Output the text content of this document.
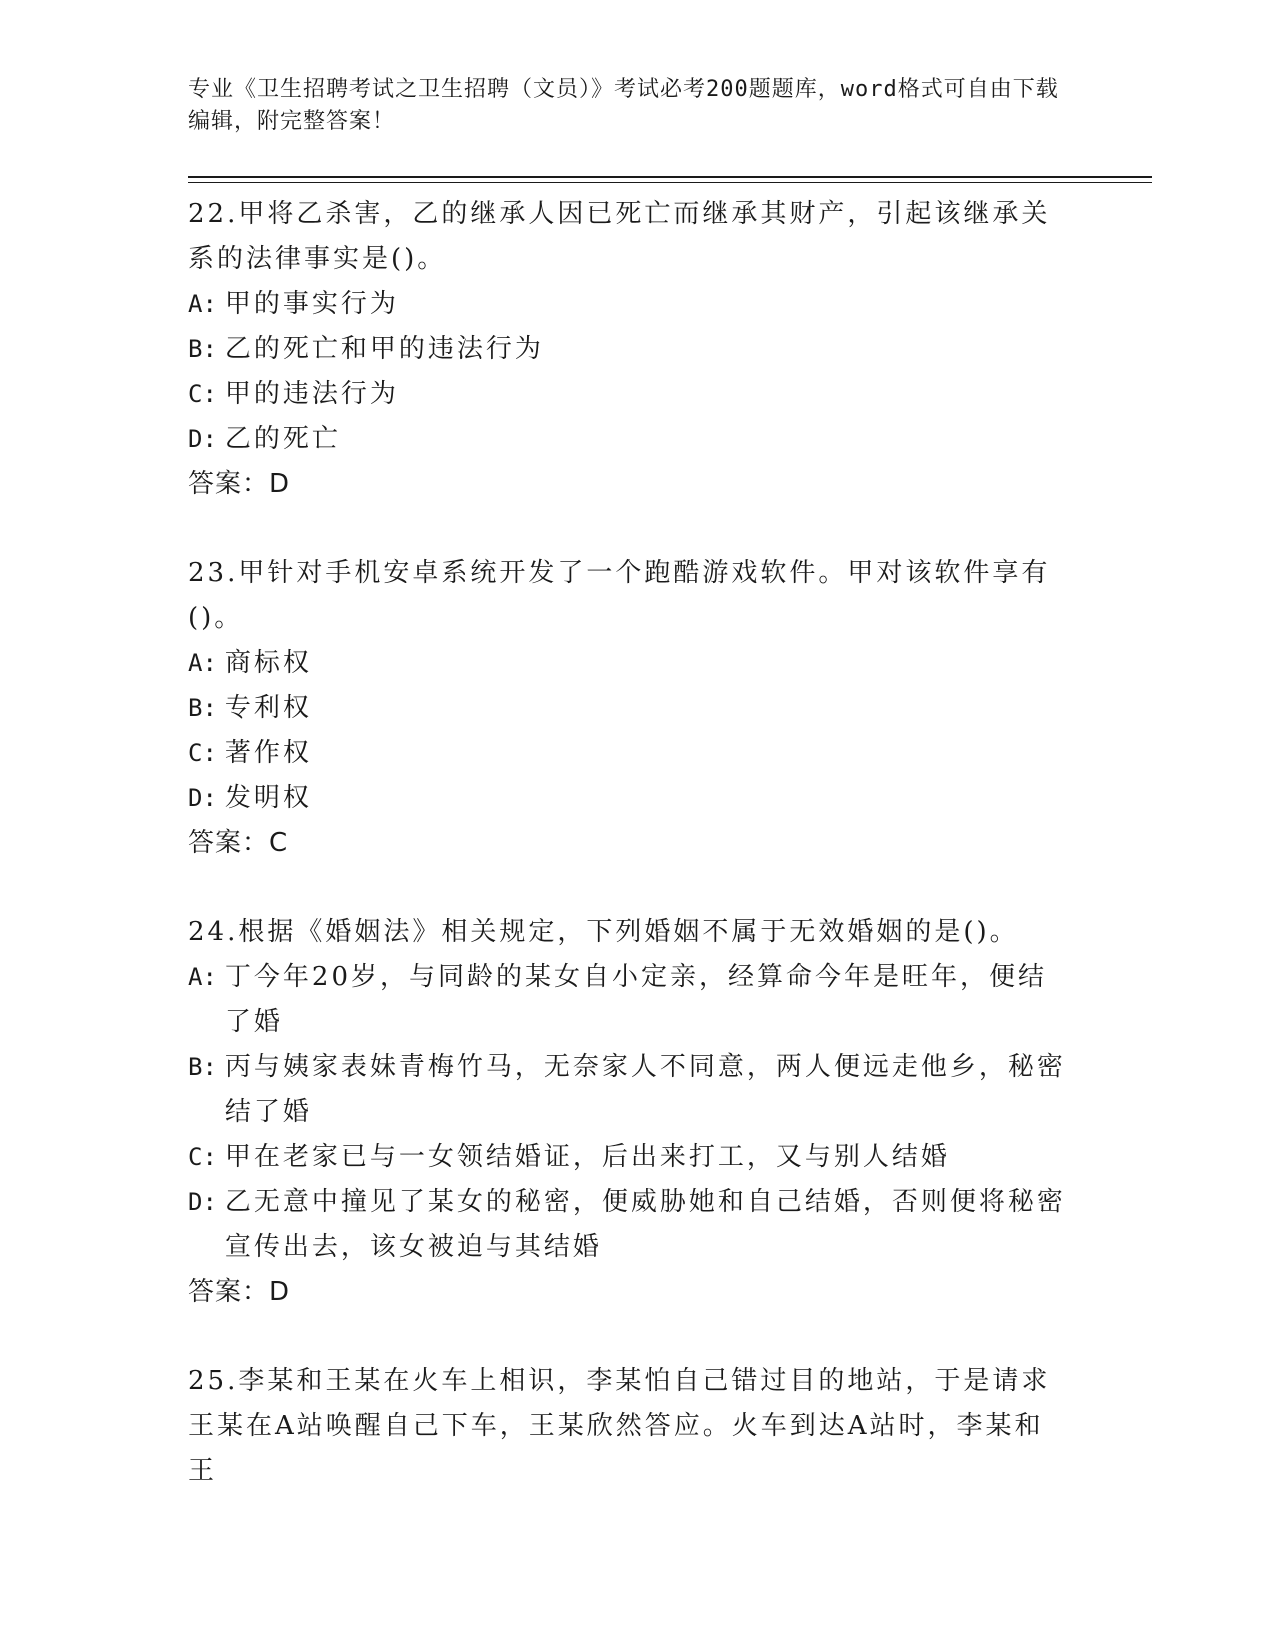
专业《卫生招聘考试之卫生招聘（文员）》考试必考200题题库，word格式可自由下载编辑，附完整答案！

22.甲将乙杀害，乙的继承人因已死亡而继承其财产，引起该继承关系的法律事实是()。

A: 甲的事实行为

B: 乙的死亡和甲的违法行为

C: 甲的违法行为

D: 乙的死亡

答案：D

23.甲针对手机安卓系统开发了一个跑酷游戏软件。甲对该软件享有()。

A: 商标权

B: 专利权

C: 著作权

D: 发明权

答案：C

24.根据《婚姻法》相关规定，下列婚姻不属于无效婚姻的是()。

A: 丁今年20岁，与同龄的某女自小定亲，经算命今年是旺年，便结了婚

B: 丙与姨家表妹青梅竹马，无奈家人不同意，两人便远走他乡，秘密结了婚

C: 甲在老家已与一女领结婚证，后出来打工，又与别人结婚

D: 乙无意中撞见了某女的秘密，便威胁她和自己结婚，否则便将秘密宣传出去，该女被迫与其结婚

答案：D

25.李某和王某在火车上相识，李某怕自己错过目的地站，于是请求王某在A站唤醒自己下车，王某欣然答应。火车到达A站时，李某和王
